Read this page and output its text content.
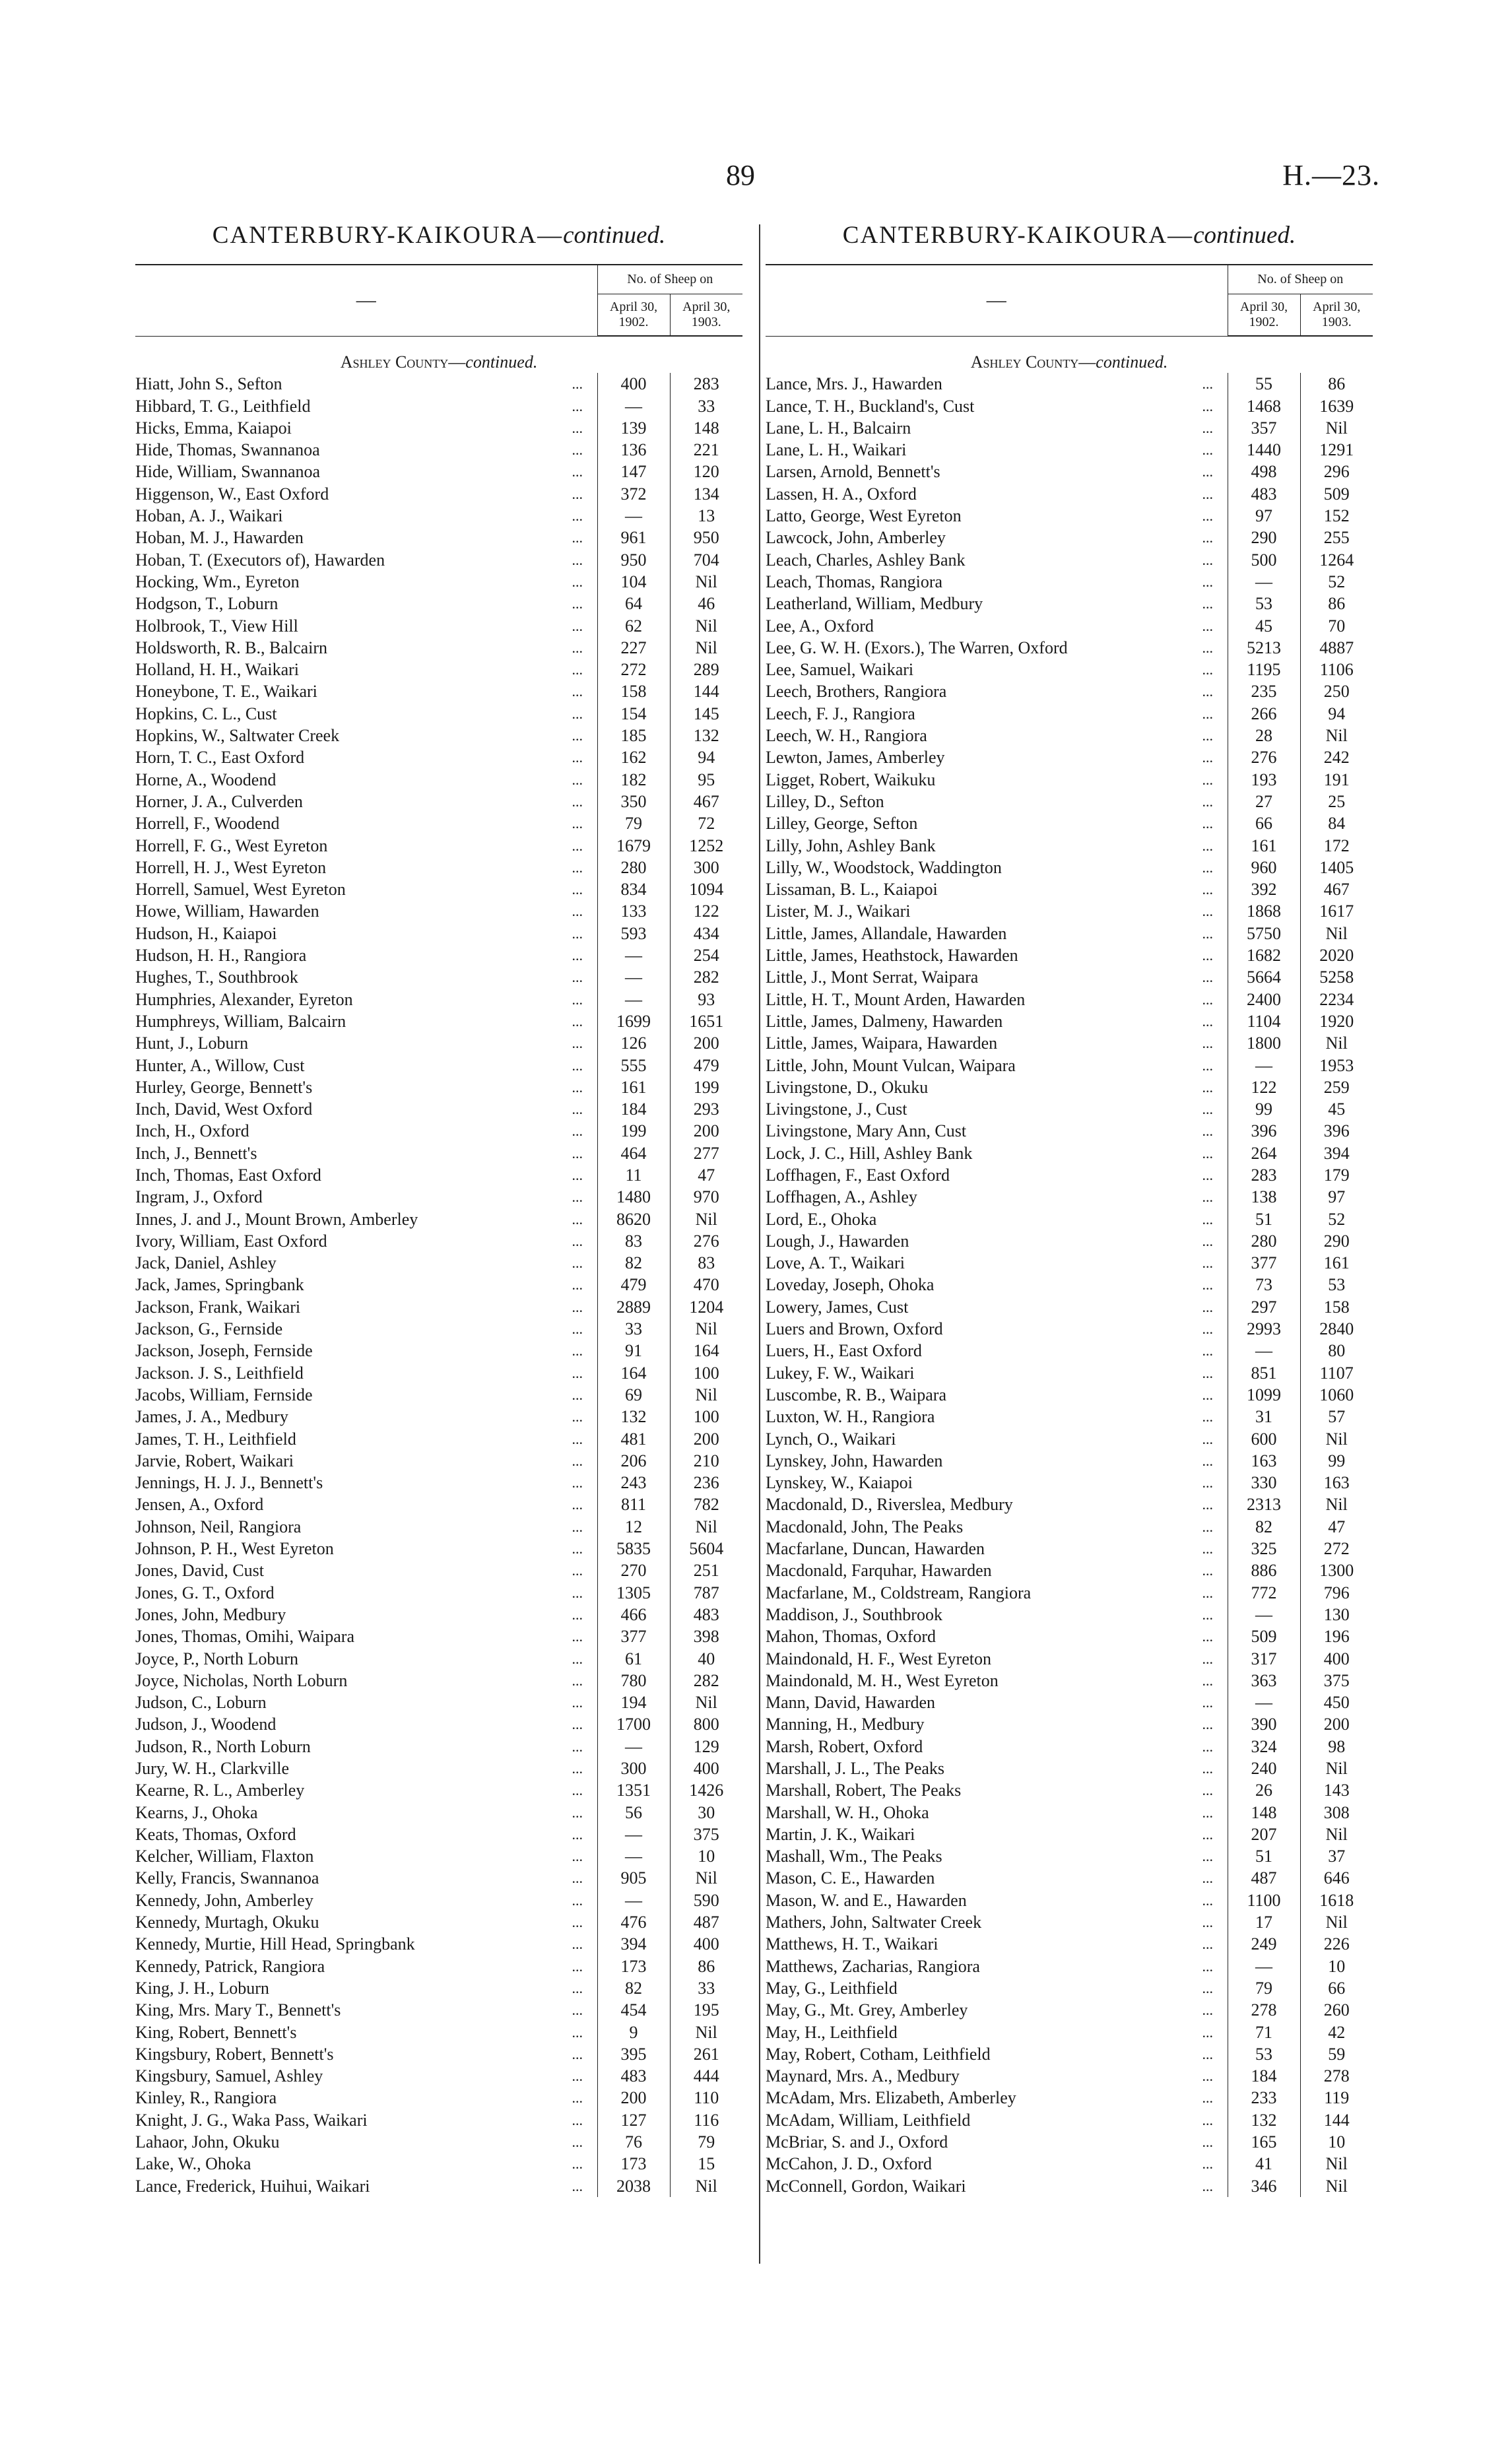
89	H.—23.
CANTERBURY-KAIKOURA—continued.
—		No. of Sheep on	
		April 30, 1902.	April 30, 1903.
Ashley County—continued.			
Hiatt, John S., Sefton	...	400	283
Hibbard, T. G., Leithfield	...	—	33
Hicks, Emma, Kaiapoi	...	139	148
Hide, Thomas, Swannanoa	...	136	221
Hide, William, Swannanoa	...	147	120
Higgenson, W., East Oxford	...	372	134
Hoban, A. J., Waikari	...	—	13
Hoban, M. J., Hawarden	...	961	950
Hoban, T. (Executors of), Hawarden	...	950	704
Hocking, Wm., Eyreton	...	104	Nil
Hodgson, T., Loburn	...	64	46
Holbrook, T., View Hill	...	62	Nil
Holdsworth, R. B., Balcairn	...	227	Nil
Holland, H. H., Waikari	...	272	289
Honeybone, T. E., Waikari	...	158	144
Hopkins, C. L., Cust	...	154	145
Hopkins, W., Saltwater Creek	...	185	132
Horn, T. C., East Oxford	...	162	94
Horne, A., Woodend	...	182	95
Horner, J. A., Culverden	...	350	467
Horrell, F., Woodend	...	79	72
Horrell, F. G., West Eyreton	...	1679	1252
Horrell, H. J., West Eyreton	...	280	300
Horrell, Samuel, West Eyreton	...	834	1094
Howe, William, Hawarden	...	133	122
Hudson, H., Kaiapoi	...	593	434
Hudson, H. H., Rangiora	...	—	254
Hughes, T., Southbrook	...	—	282
Humphries, Alexander, Eyreton	...	—	93
Humphreys, William, Balcairn	...	1699	1651
Hunt, J., Loburn	...	126	200
Hunter, A., Willow, Cust	...	555	479
Hurley, George, Bennett's	...	161	199
Inch, David, West Oxford	...	184	293
Inch, H., Oxford	...	199	200
Inch, J., Bennett's	...	464	277
Inch, Thomas, East Oxford	...	11	47
Ingram, J., Oxford	...	1480	970
Innes, J. and J., Mount Brown, Amberley	...	8620	Nil
Ivory, William, East Oxford	...	83	276
Jack, Daniel, Ashley	...	82	83
Jack, James, Springbank	...	479	470
Jackson, Frank, Waikari	...	2889	1204
Jackson, G., Fernside	...	33	Nil
Jackson, Joseph, Fernside	...	91	164
Jackson. J. S., Leithfield	...	164	100
Jacobs, William, Fernside	...	69	Nil
James, J. A., Medbury	...	132	100
James, T. H., Leithfield	...	481	200
Jarvie, Robert, Waikari	...	206	210
Jennings, H. J. J., Bennett's	...	243	236
Jensen, A., Oxford	...	811	782
Johnson, Neil, Rangiora	...	12	Nil
Johnson, P. H., West Eyreton	...	5835	5604
Jones, David, Cust	...	270	251
Jones, G. T., Oxford	...	1305	787
Jones, John, Medbury	...	466	483
Jones, Thomas, Omihi, Waipara	...	377	398
Joyce, P., North Loburn	...	61	40
Joyce, Nicholas, North Loburn	...	780	282
Judson, C., Loburn	...	194	Nil
Judson, J., Woodend	...	1700	800
Judson, R., North Loburn	...	—	129
Jury, W. H., Clarkville	...	300	400
Kearne, R. L., Amberley	...	1351	1426
Kearns, J., Ohoka	...	56	30
Keats, Thomas, Oxford	...	—	375
Kelcher, William, Flaxton	...	—	10
Kelly, Francis, Swannanoa	...	905	Nil
Kennedy, John, Amberley	...	—	590
Kennedy, Murtagh, Okuku	...	476	487
Kennedy, Murtie, Hill Head, Springbank	...	394	400
Kennedy, Patrick, Rangiora	...	173	86
King, J. H., Loburn	...	82	33
King, Mrs. Mary T., Bennett's	...	454	195
King, Robert, Bennett's	...	9	Nil
Kingsbury, Robert, Bennett's	...	395	261
Kingsbury, Samuel, Ashley	...	483	444
Kinley, R., Rangiora	...	200	110
Knight, J. G., Waka Pass, Waikari	...	127	116
Lahaor, John, Okuku	...	76	79
Lake, W., Ohoka	...	173	15
Lance, Frederick, Huihui, Waikari	...	2038	Nil
CANTERBURY-KAIKOURA—continued.
—		No. of Sheep on	
		April 30, 1902.	April 30, 1903.
Ashley County—continued.			
Lance, Mrs. J., Hawarden	...	55	86
Lance, T. H., Buckland's, Cust	...	1468	1639
Lane, L. H., Balcairn	...	357	Nil
Lane, L. H., Waikari	...	1440	1291
Larsen, Arnold, Bennett's	...	498	296
Lassen, H. A., Oxford	...	483	509
Latto, George, West Eyreton	...	97	152
Lawcock, John, Amberley	...	290	255
Leach, Charles, Ashley Bank	...	500	1264
Leach, Thomas, Rangiora	...	—	52
Leatherland, William, Medbury	...	53	86
Lee, A., Oxford	...	45	70
Lee, G. W. H. (Exors.), The Warren, Oxford	...	5213	4887
Lee, Samuel, Waikari	...	1195	1106
Leech, Brothers, Rangiora	...	235	250
Leech, F. J., Rangiora	...	266	94
Leech, W. H., Rangiora	...	28	Nil
Lewton, James, Amberley	...	276	242
Ligget, Robert, Waikuku	...	193	191
Lilley, D., Sefton	...	27	25
Lilley, George, Sefton	...	66	84
Lilly, John, Ashley Bank	...	161	172
Lilly, W., Woodstock, Waddington	...	960	1405
Lissaman, B. L., Kaiapoi	...	392	467
Lister, M. J., Waikari	...	1868	1617
Little, James, Allandale, Hawarden	...	5750	Nil
Little, James, Heathstock, Hawarden	...	1682	2020
Little, J., Mont Serrat, Waipara	...	5664	5258
Little, H. T., Mount Arden, Hawarden	...	2400	2234
Little, James, Dalmeny, Hawarden	...	1104	1920
Little, James, Waipara, Hawarden	...	1800	Nil
Little, John, Mount Vulcan, Waipara	...	—	1953
Livingstone, D., Okuku	...	122	259
Livingstone, J., Cust	...	99	45
Livingstone, Mary Ann, Cust	...	396	396
Lock, J. C., Hill, Ashley Bank	...	264	394
Loffhagen, F., East Oxford	...	283	179
Loffhagen, A., Ashley	...	138	97
Lord, E., Ohoka	...	51	52
Lough, J., Hawarden	...	280	290
Love, A. T., Waikari	...	377	161
Loveday, Joseph, Ohoka	...	73	53
Lowery, James, Cust	...	297	158
Luers and Brown, Oxford	...	2993	2840
Luers, H., East Oxford	...	—	80
Lukey, F. W., Waikari	...	851	1107
Luscombe, R. B., Waipara	...	1099	1060
Luxton, W. H., Rangiora	...	31	57
Lynch, O., Waikari	...	600	Nil
Lynskey, John, Hawarden	...	163	99
Lynskey, W., Kaiapoi	...	330	163
Macdonald, D., Riverslea, Medbury	...	2313	Nil
Macdonald, John, The Peaks	...	82	47
Macfarlane, Duncan, Hawarden	...	325	272
Macdonald, Farquhar, Hawarden	...	886	1300
Macfarlane, M., Coldstream, Rangiora	...	772	796
Maddison, J., Southbrook	...	—	130
Mahon, Thomas, Oxford	...	509	196
Maindonald, H. F., West Eyreton	...	317	400
Maindonald, M. H., West Eyreton	...	363	375
Mann, David, Hawarden	...	—	450
Manning, H., Medbury	...	390	200
Marsh, Robert, Oxford	...	324	98
Marshall, J. L., The Peaks	...	240	Nil
Marshall, Robert, The Peaks	...	26	143
Marshall, W. H., Ohoka	...	148	308
Martin, J. K., Waikari	...	207	Nil
Mashall, Wm., The Peaks	...	51	37
Mason, C. E., Hawarden	...	487	646
Mason, W. and E., Hawarden	...	1100	1618
Mathers, John, Saltwater Creek	...	17	Nil
Matthews, H. T., Waikari	...	249	226
Matthews, Zacharias, Rangiora	...	—	10
May, G., Leithfield	...	79	66
May, G., Mt. Grey, Amberley	...	278	260
May, H., Leithfield	...	71	42
May, Robert, Cotham, Leithfield	...	53	59
Maynard, Mrs. A., Medbury	...	184	278
McAdam, Mrs. Elizabeth, Amberley	...	233	119
McAdam, William, Leithfield	...	132	144
McBriar, S. and J., Oxford	...	165	10
McCahon, J. D., Oxford	...	41	Nil
McConnell, Gordon, Waikari	...	346	Nil
